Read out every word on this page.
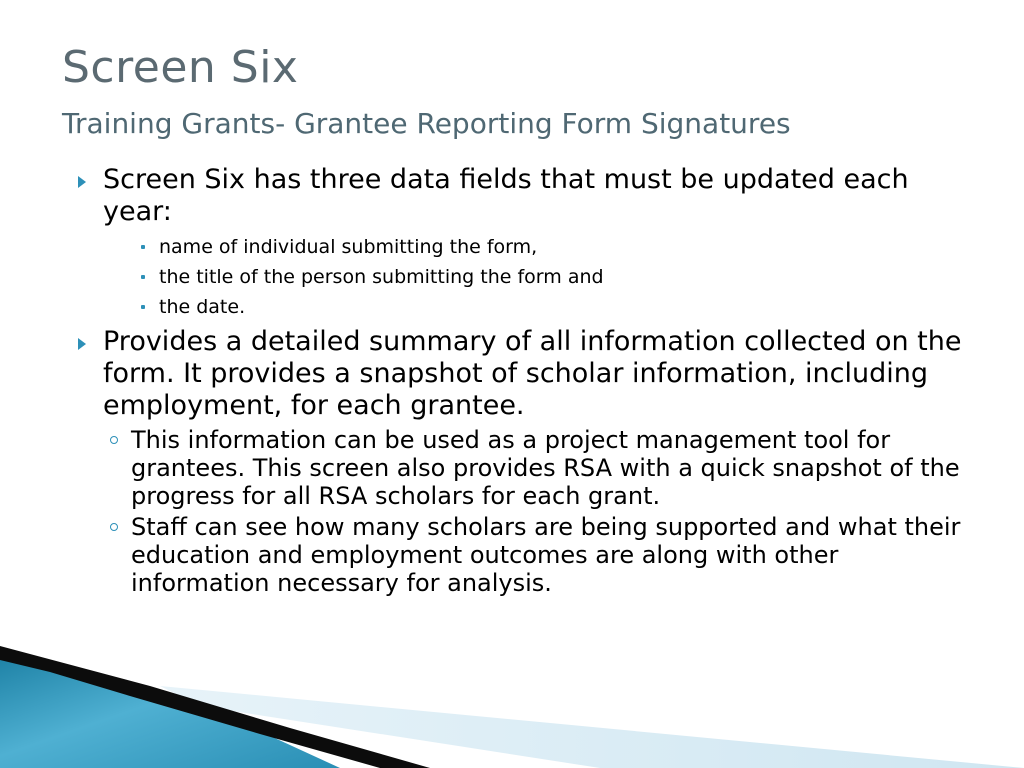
Screen Six
Training Grants- Grantee Reporting Form Signatures
Screen Six has three data fields that must be updated each year:
name of individual submitting the form,
the title of the person submitting the form and
the date.
Provides a detailed summary of all information collected on the form. It provides a snapshot of scholar information, including employment, for each grantee.
This information can be used as a project management tool for grantees. This screen also provides RSA with a quick snapshot of the progress for all RSA scholars for each grant.
Staff can see how many scholars are being supported and what their education and employment outcomes are along with other information necessary for analysis.
